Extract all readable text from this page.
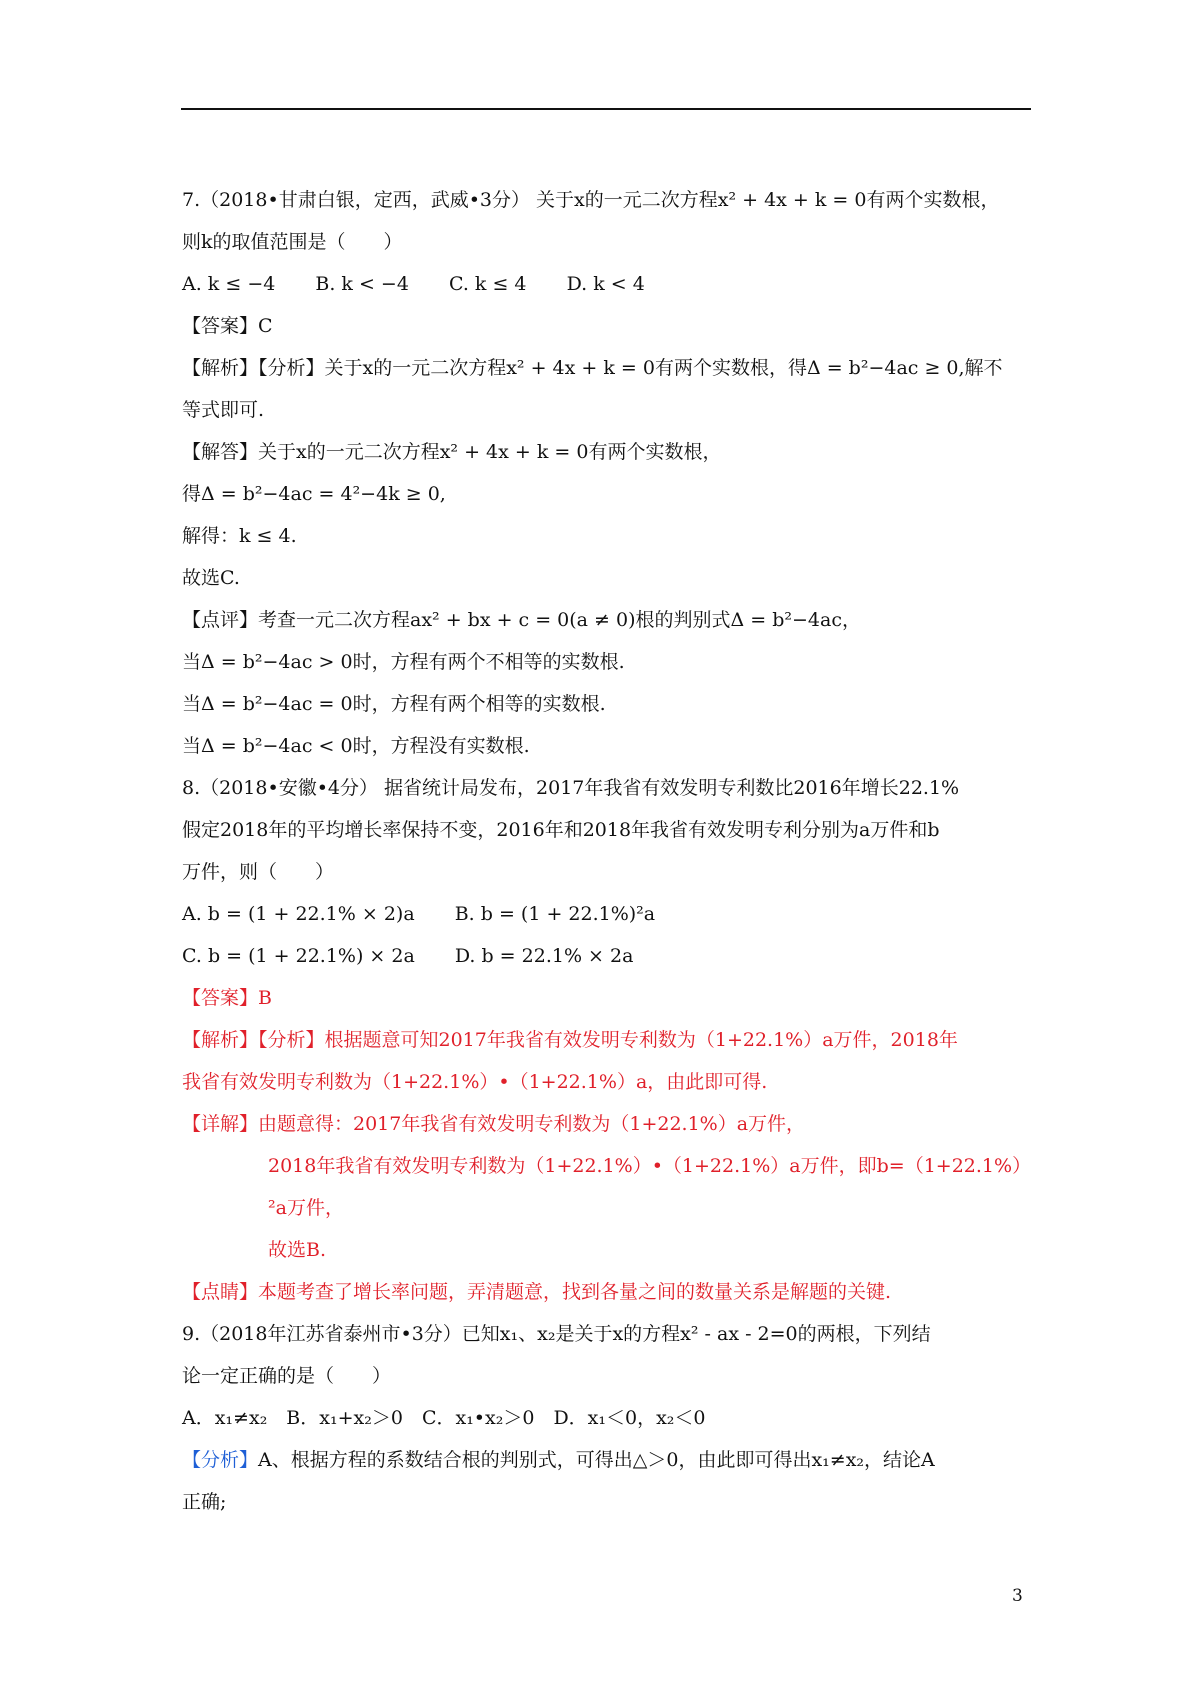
7.（2018•甘肃白银，定西，武威•3分） 关于x的一元二次方程x² + 4x + k = 0有两个实数根，
则k的取值范围是（　　）
A. k ≤ −4 B. k < −4 C. k ≤ 4 D. k < 4
【答案】C
【解析】【分析】关于x的一元二次方程x² + 4x + k = 0有两个实数根，得Δ = b²−4ac ≥ 0,解不
等式即可.
【解答】关于x的一元二次方程x² + 4x + k = 0有两个实数根，
得Δ = b²−4ac = 4²−4k ≥ 0,
解得：k ≤ 4.
故选C.
【点评】考查一元二次方程ax² + bx + c = 0(a ≠ 0)根的判别式Δ = b²−4ac，
当Δ = b²−4ac > 0时，方程有两个不相等的实数根.
当Δ = b²−4ac = 0时，方程有两个相等的实数根.
当Δ = b²−4ac < 0时，方程没有实数根.
8.（2018•安徽•4分） 据省统计局发布，2017年我省有效发明专利数比2016年增长22.1%
假定2018年的平均增长率保持不变，2016年和2018年我省有效发明专利分别为a万件和b
万件，则（　　）
A. b = (1 + 22.1% × 2)a B. b = (1 + 22.1%)²a
C. b = (1 + 22.1%) × 2a D. b = 22.1% × 2a
【答案】B
【解析】【分析】根据题意可知2017年我省有效发明专利数为（1+22.1%）a万件，2018年
我省有效发明专利数为（1+22.1%）•（1+22.1%）a，由此即可得.
【详解】由题意得：2017年我省有效发明专利数为（1+22.1%）a万件，
2018年我省有效发明专利数为（1+22.1%）•（1+22.1%）a万件，即b=（1+22.1%）
²a万件，
故选B.
【点睛】本题考查了增长率问题，弄清题意，找到各量之间的数量关系是解题的关键.
9.（2018年江苏省泰州市•3分）已知x₁、x₂是关于x的方程x² - ax - 2=0的两根，下列结
论一定正确的是（　　）
A．x₁≠x₂　B．x₁+x₂＞0　C．x₁•x₂＞0　D．x₁＜0，x₂＜0
【分析】A、根据方程的系数结合根的判别式，可得出△＞0，由此即可得出x₁≠x₂，结论A
正确;
3
